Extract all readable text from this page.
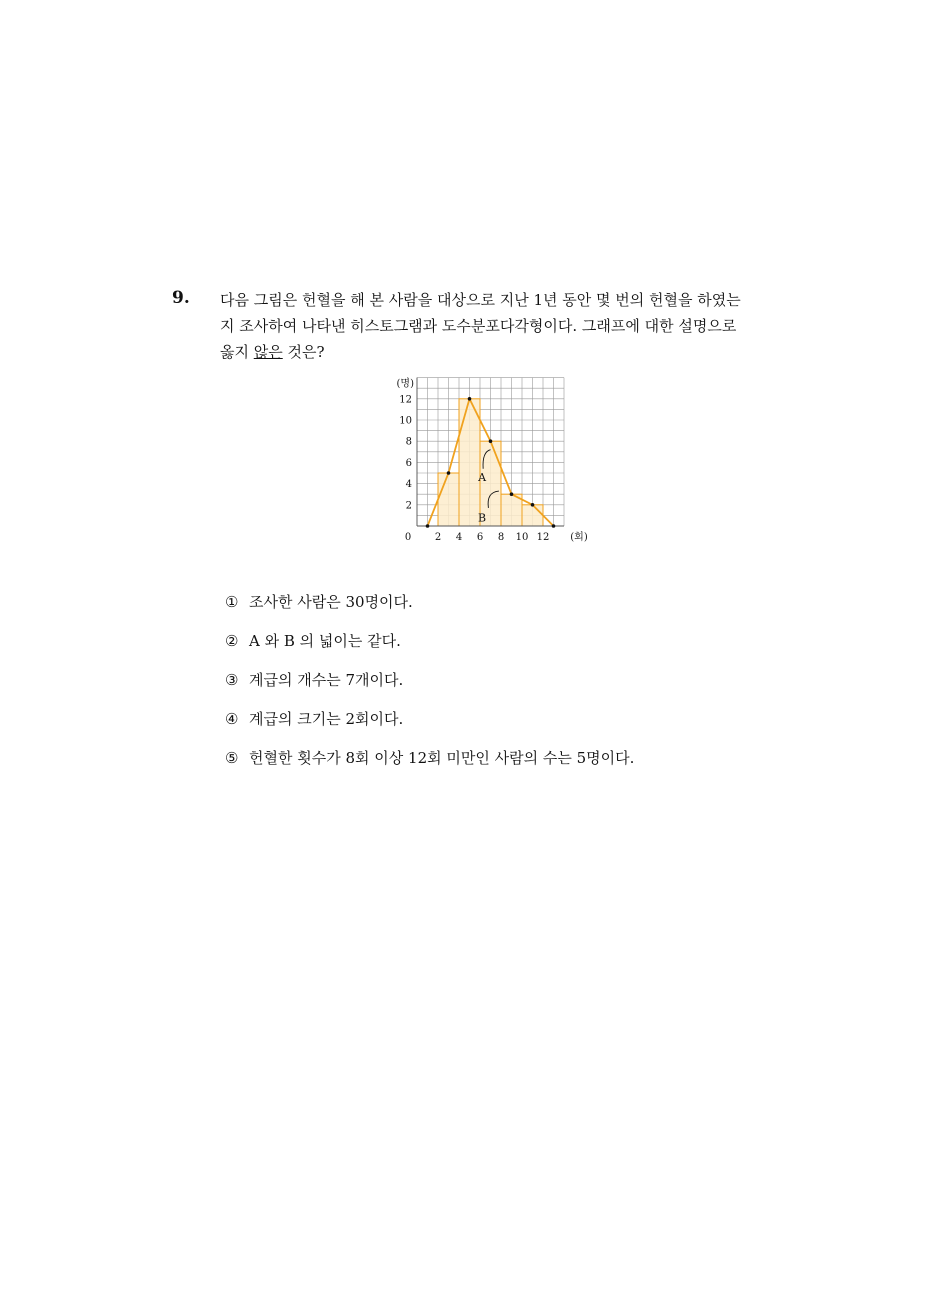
9. 다음 그림은 헌혈을 해 본 사람을 대상으로 지난 1년 동안 몇 번의 헌혈을 하였는
지 조사하여 나타낸 히스토그램과 도수분포다각형이다. 그래프에 대한 설명으로
옳지 않은 것은?
A
B
0 2 4 6 8 10 12
2
4
6
8
10
12
(명)
(회)
① 조사한 사람은 30명이다.
② A 와 B 의 넓이는 같다.
③ 계급의 개수는 7개이다.
④ 계급의 크기는 2회이다.
⑤ 헌혈한 횟수가 8회 이상 12회 미만인 사람의 수는 5명이다.
